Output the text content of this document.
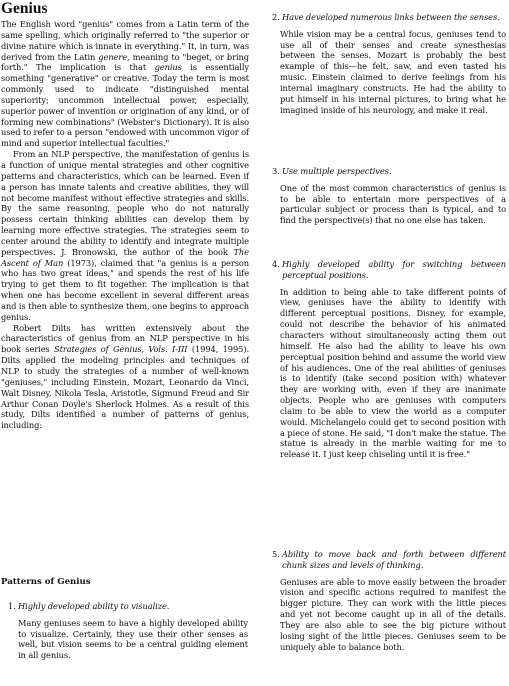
Genius

The English word "genius" comes from a Latin term of the same spelling, which originally referred to "the superior or divine nature which is innate in everything." It, in turn, was derived from the Latin genere, meaning to "beget, or bring forth." The implication is that genius is essentially something "generative" or creative. Today the term is most commonly used to indicate "distinguished mental superiority; uncommon intellectual power, especially, superior power of invention or origination of any kind, or of forming new combinations" (Webster's Dictionary). It is also used to refer to a person "endowed with uncommon vigor of mind and superior intellectual faculties."

From an NLP perspective, the manifestation of genius is a function of unique mental strategies and other cognitive patterns and characteristics, which can be learned. Even if a person has innate talents and creative abilities, they will not become manifest without effective strategies and skills. By the same reasoning, people who do not naturally possess certain thinking abilities can develop them by learning more effective strategies. The strategies seem to center around the ability to identify and integrate multiple perspectives. J. Bronowski, the author of the book The Ascent of Man (1973), claimed that "a genius is a person who has two great ideas," and spends the rest of his life trying to get them to fit together. The implication is that when one has become excellent in several different areas and is then able to synthesize them, one begins to approach genius.

Robert Dilts has written extensively about the characteristics of genius from an NLP perspective in his book series Strategies of Genius, Vols. I-III (1994, 1995). Dilts applied the modeling principles and techniques of NLP to study the strategies of a number of well-known "geniuses," including Einstein, Mozart, Leonardo da Vinci, Walt Disney, Nikola Tesla, Aristotle, Sigmund Freud and Sir Arthur Conan Doyle's Sherlock Holmes. As a result of this study, Dilts identified a number of patterns of genius, including:

Patterns of Genius
1. Highly developed ability to visualize.

Many geniuses seem to have a highly developed ability to visualize. Certainly, they use their other senses as well, but vision seems to be a central guiding element in all genius.

2. Have developed numerous links between the senses.

While vision may be a central focus, geniuses tend to use all of their senses and create synesthesias between the senses. Mozart is probably the best example of this—he felt, saw, and even tasted his music. Einstein claimed to derive feelings from his internal imaginary constructs. He had the ability to put himself in his internal pictures, to bring what he imagined inside of his neurology, and make it real.

3. Use multiple perspectives.

One of the most common characteristics of genius is to be able to entertain more perspectives of a particular subject or process than is typical, and to find the perspective(s) that no one else has taken.

4. Highly developed ability for switching between perceptual positions.

In addition to being able to take different points of view, geniuses have the ability to identify with different perceptual positions. Disney, for example, could not describe the behavior of his animated characters without simultaneously acting them out himself. He also had the ability to leave his own perceptual position behind and assume the world view of his audiences. One of the real abilities of geniuses is to identify (take second position with) whatever they are working with, even if they are inanimate objects. People who are geniuses with computers claim to be able to view the world as a computer would. Michelangelo could get to second position with a piece of stone. He said, "I don't make the statue. The statue is already in the marble waiting for me to release it. I just keep chiseling until it is free."

5. Ability to move back and forth between different chunk sizes and levels of thinking.

Geniuses are able to move easily between the broader vision and specific actions required to manifest the bigger picture. They can work with the little pieces and yet not become caught up in all of the details. They are also able to see the big picture without losing sight of the little pieces. Geniuses seem to be uniquely able to balance both.
